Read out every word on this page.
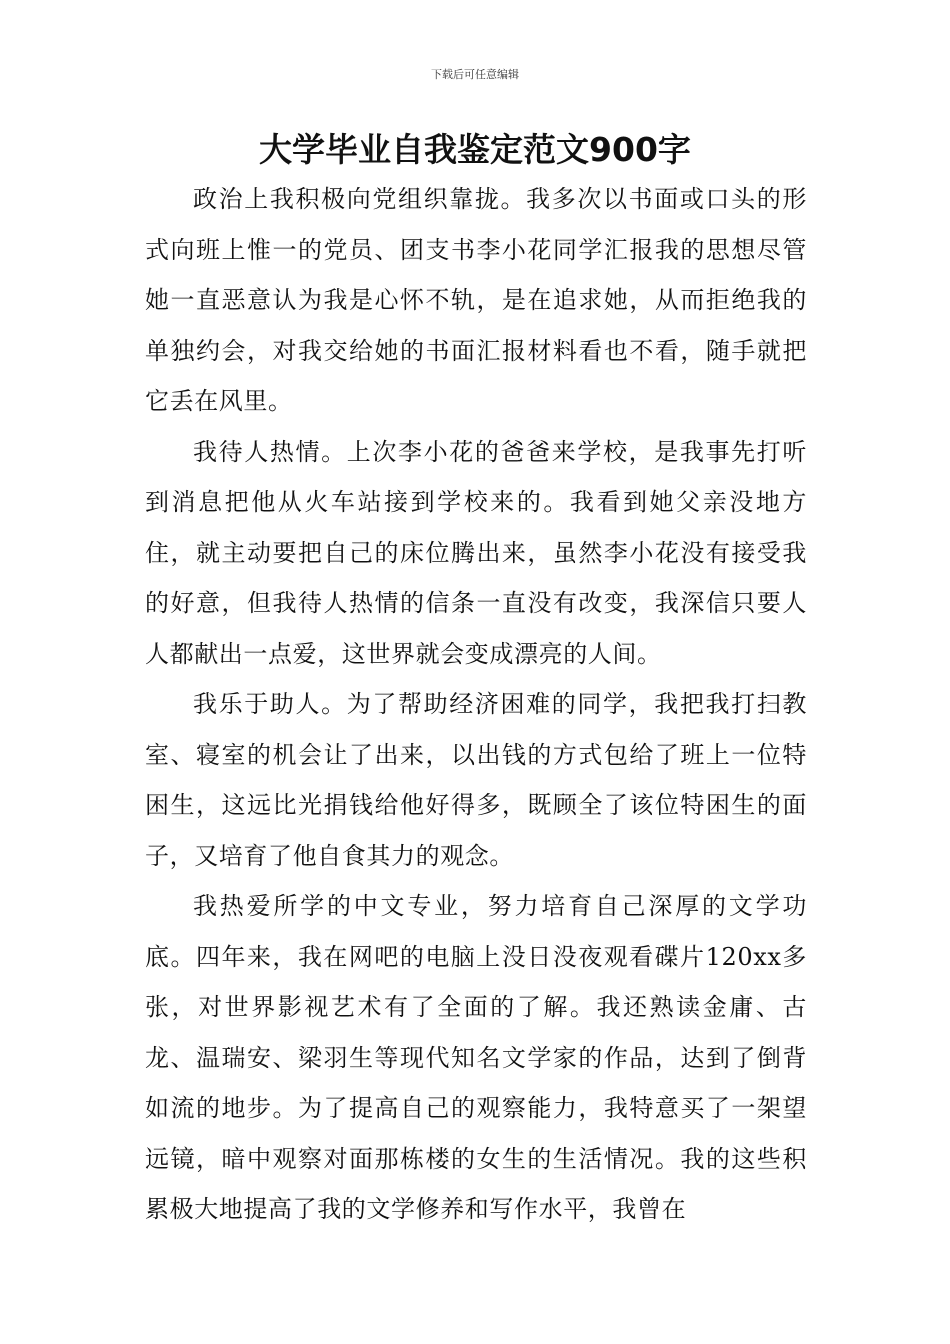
下载后可任意编辑
大学毕业自我鉴定范文900字

政治上我积极向党组织靠拢。我多次以书面或口头的形式向班上惟一的党员、团支书李小花同学汇报我的思想尽管她一直恶意认为我是心怀不轨，是在追求她，从而拒绝我的单独约会，对我交给她的书面汇报材料看也不看，随手就把它丢在风里。

我待人热情。上次李小花的爸爸来学校，是我事先打听到消息把他从火车站接到学校来的。我看到她父亲没地方住，就主动要把自己的床位腾出来，虽然李小花没有接受我的好意，但我待人热情的信条一直没有改变，我深信只要人人都献出一点爱，这世界就会变成漂亮的人间。

我乐于助人。为了帮助经济困难的同学，我把我打扫教室、寝室的机会让了出来，以出钱的方式包给了班上一位特困生，这远比光捐钱给他好得多，既顾全了该位特困生的面子，又培育了他自食其力的观念。

我热爱所学的中文专业，努力培育自己深厚的文学功底。四年来，我在网吧的电脑上没日没夜观看碟片120xx多张，对世界影视艺术有了全面的了解。我还熟读金庸、古龙、温瑞安、梁羽生等现代知名文学家的作品，达到了倒背如流的地步。为了提高自己的观察能力，我特意买了一架望远镜，暗中观察对面那栋楼的女生的生活情况。我的这些积累极大地提高了我的文学修养和写作水平，我曾在
